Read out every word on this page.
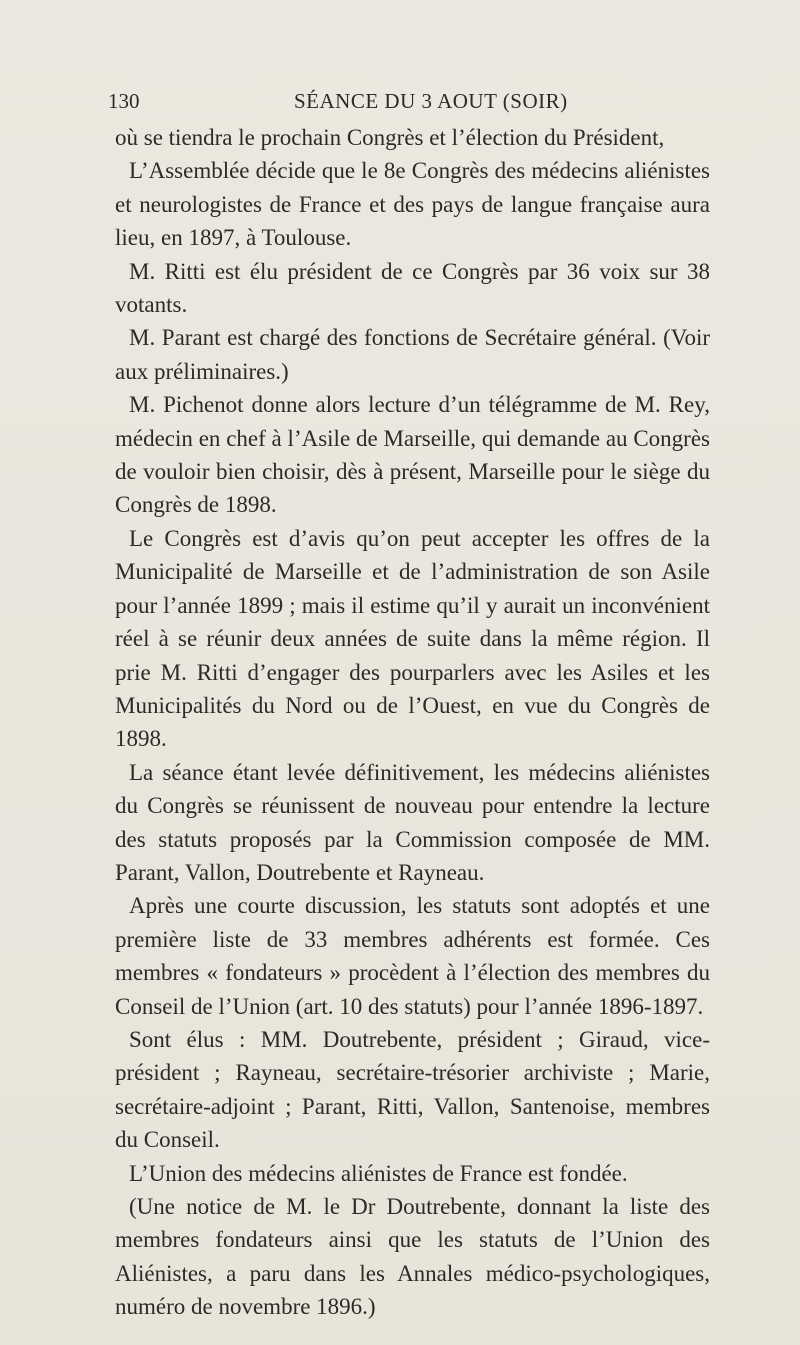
130	SÉANCE DU 3 AOUT (SOIR)

où se tiendra le prochain Congrès et l’élection du Président,

L’Assemblée décide que le 8e Congrès des médecins aliénistes et neurologistes de France et des pays de langue française aura lieu, en 1897, à Toulouse.

M. Ritti est élu président de ce Congrès par 36 voix sur 38 votants.

M. Parant est chargé des fonctions de Secrétaire général. (Voir aux préliminaires.)

M. Pichenot donne alors lecture d’un télégramme de M. Rey, médecin en chef à l’Asile de Marseille, qui demande au Congrès de vouloir bien choisir, dès à présent, Marseille pour le siège du Congrès de 1898.

Le Congrès est d’avis qu’on peut accepter les offres de la Municipalité de Marseille et de l’administration de son Asile pour l’année 1899 ; mais il estime qu’il y aurait un inconvénient réel à se réunir deux années de suite dans la même région. Il prie M. Ritti d’engager des pourparlers avec les Asiles et les Municipalités du Nord ou de l’Ouest, en vue du Congrès de 1898.

La séance étant levée définitivement, les médecins aliénistes du Congrès se réunissent de nouveau pour entendre la lecture des statuts proposés par la Commission composée de MM. Parant, Vallon, Doutrebente et Rayneau.

Après une courte discussion, les statuts sont adoptés et une première liste de 33 membres adhérents est formée. Ces membres « fondateurs » procèdent à l’élection des membres du Conseil de l’Union (art. 10 des statuts) pour l’année 1896-1897.

Sont élus : MM. Doutrebente, président ; Giraud, vice-président ; Rayneau, secrétaire-trésorier archiviste ; Marie, secrétaire-adjoint ; Parant, Ritti, Vallon, Santenoise, membres du Conseil.

L’Union des médecins aliénistes de France est fondée.

(Une notice de M. le Dr Doutrebente, donnant la liste des membres fondateurs ainsi que les statuts de l’Union des Aliénistes, a paru dans les Annales médico-psychologiques, numéro de novembre 1896.)
